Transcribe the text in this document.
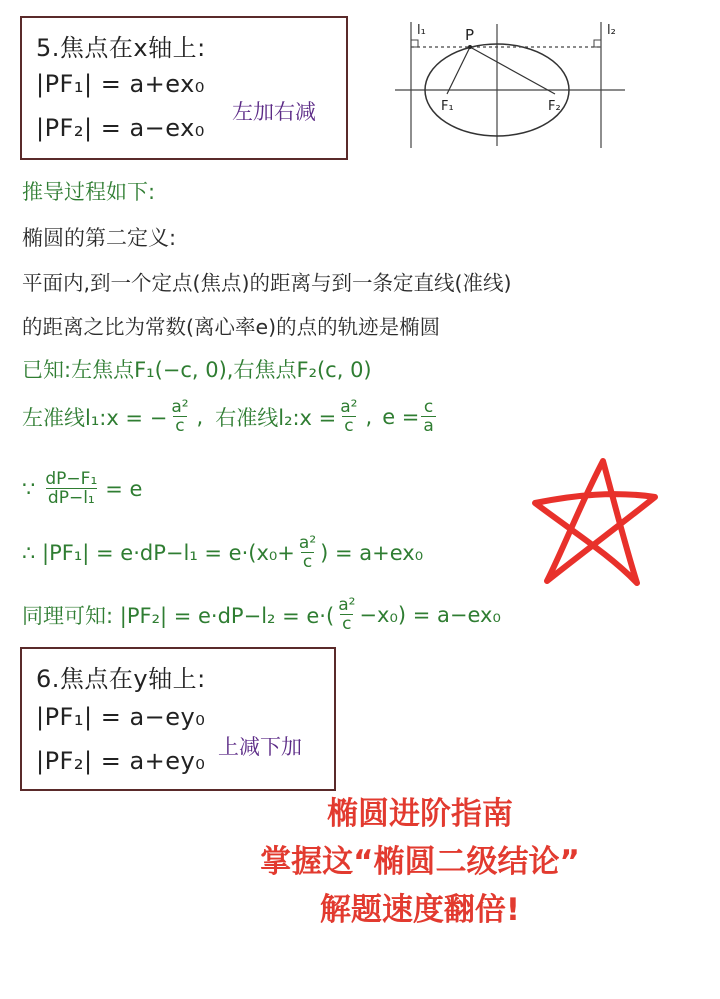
5.焦点在x轴上:
|PF₁| = a+ex₀
|PF₂| = a−ex₀
左加右减
l₁	l₂
P
F₁	F₂
推导过程如下:
椭圆的第二定义:
平面内,到一个定点(焦点)的距离与到一条定直线(准线)
的距离之比为常数(离心率e)的点的轨迹是椭圆
已知:左焦点F₁(−c, 0),右焦点F₂(c, 0)
左准线l₁:x = − $\frac{\text{a²}}{c}$ , 右准线l₂:x = $\frac{\text{a²}}{c}$ , $e = \frac{c}{a}$
∵ $\frac{\text{dP−F₁}}{\text{dP−l₁}} = e$
∴ $|PF_1| = e\cdot dP-l_1 = e\cdot(x_0+ \frac{\text{a²}}{c}$ ) = a+ex₀
同理可知: $|PF_2| = e\cdot dP-l_2 = e\cdot( \frac{\text{a²}}{c} -x_0) = a-ex_0$
6.焦点在y轴上:
|PF₁| = a−ey₀
|PF₂| = a+ey₀ 上减下加
椭圆进阶指南
掌握这“椭圆二级结论”
解题速度翻倍!
